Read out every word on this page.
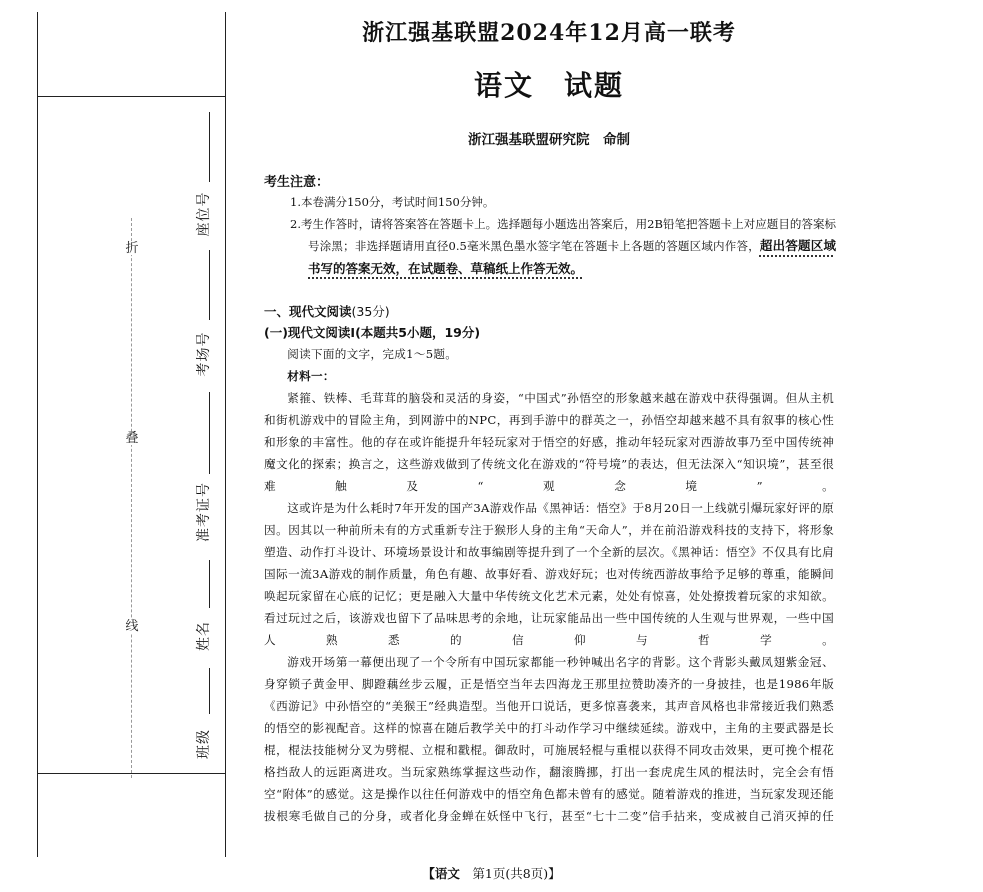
折
叠
线
座位号
考场号
准考证号
姓名
班级
浙江强基联盟2024年12月高一联考
语文　试题
浙江强基联盟研究院　命制
考生注意：

1.本卷满分150分，考试时间150分钟。

2.考生作答时，请将答案答在答题卡上。选择题每小题选出答案后，用2B铅笔把答题卡上对应题目的答案标号涂黑；非选择题请用直径0.5毫米黑色墨水签字笔在答题卡上各题的答题区域内作答，超出答题区域书写的答案无效，在试题卷、草稿纸上作答无效。

一、现代文阅读(35分)
(一)现代文阅读Ⅰ(本题共5小题，19分)

阅读下面的文字，完成1～5题。

材料一：

紧箍、铁棒、毛茸茸的脑袋和灵活的身姿，“中国式”孙悟空的形象越来越在游戏中获得强调。但从主机和街机游戏中的冒险主角，到网游中的NPC，再到手游中的群英之一，孙悟空却越来越不具有叙事的核心性和形象的丰富性。他的存在或许能提升年轻玩家对于悟空的好感，推动年轻玩家对西游故事乃至中国传统神魔文化的探索；换言之，这些游戏做到了传统文化在游戏的“符号境”的表达，但无法深入“知识境”，甚至很难触及“观念境”。

这或许是为什么耗时7年开发的国产3A游戏作品《黑神话：悟空》于8月20日一上线就引爆玩家好评的原因。因其以一种前所未有的方式重新专注于猴形人身的主角“天命人”，并在前沿游戏科技的支持下，将形象塑造、动作打斗设计、环境场景设计和故事编剧等提升到了一个全新的层次。《黑神话：悟空》不仅具有比肩国际一流3A游戏的制作质量，角色有趣、故事好看、游戏好玩；也对传统西游故事给予足够的尊重，能瞬间唤起玩家留在心底的记忆；更是融入大量中华传统文化艺术元素，处处有惊喜，处处撩拨着玩家的求知欲。看过玩过之后，该游戏也留下了品味思考的余地，让玩家能品出一些中国传统的人生观与世界观，一些中国人熟悉的信仰与哲学。

游戏开场第一幕便出现了一个令所有中国玩家都能一秒钟喊出名字的背影。这个背影头戴凤翅紫金冠、身穿锁子黄金甲、脚蹬藕丝步云履，正是悟空当年去四海龙王那里拉赞助凑齐的一身披挂，也是1986年版《西游记》中孙悟空的“美猴王”经典造型。当他开口说话，更多惊喜袭来，其声音风格也非常接近我们熟悉的悟空的影视配音。这样的惊喜在随后教学关中的打斗动作学习中继续延续。游戏中，主角的主要武器是长棍，棍法技能树分叉为劈棍、立棍和戳棍。御敌时，可施展轻棍与重棍以获得不同攻击效果，更可挽个棍花格挡敌人的远距离进攻。当玩家熟练掌握这些动作，翻滚腾挪，打出一套虎虎生风的棍法时，完全会有悟空“附体”的感觉。这是操作以往任何游戏中的悟空角色都未曾有的感觉。随着游戏的推进，当玩家发现还能拔根寒毛做自己的分身，或者化身金蝉在妖怪中飞行，甚至“七十二变”信手拈来，变成被自己消灭掉的任

【语文　 第1页(共8页)】
